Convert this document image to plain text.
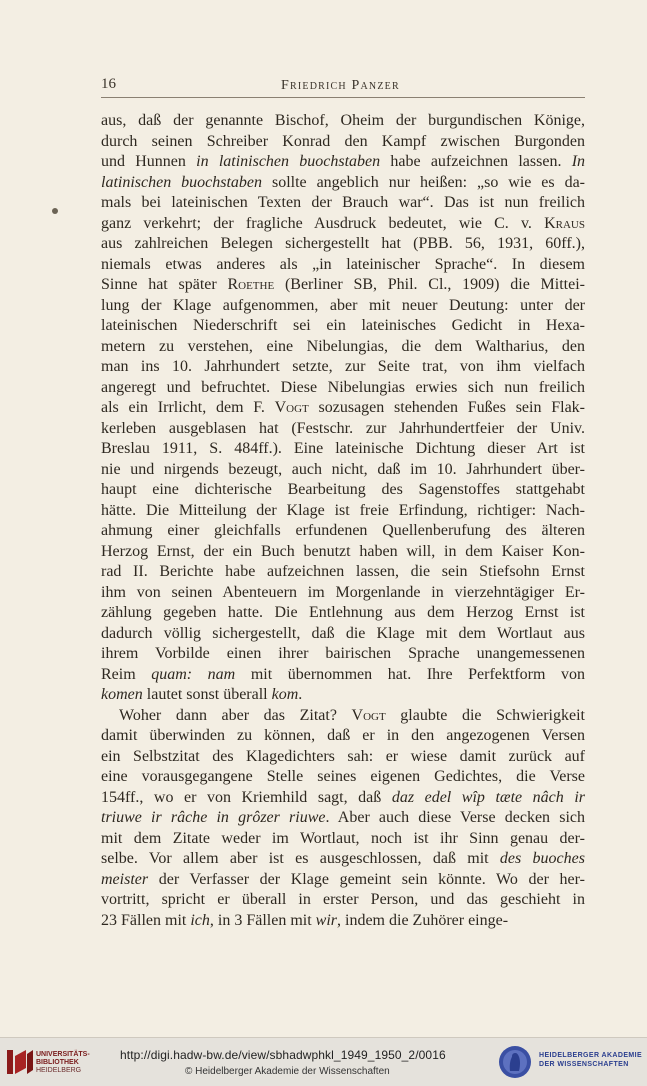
16	Friedrich Panzer
aus, daß der genannte Bischof, Oheim der burgundischen Könige,
durch seinen Schreiber Konrad den Kampf zwischen Burgonden
und Hunnen in latinischen buochstaben habe aufzeichnen lassen. In
latinischen buochstaben sollte angeblich nur heißen: „so wie es da-
mals bei lateinischen Texten der Brauch war“. Das ist nun freilich
ganz verkehrt; der fragliche Ausdruck bedeutet, wie C. v. Kraus
aus zahlreichen Belegen sichergestellt hat (PBB. 56, 1931, 60ff.),
niemals etwas anderes als „in lateinischer Sprache“. In diesem
Sinne hat später Roethe (Berliner SB, Phil. Cl., 1909) die Mittei-
lung der Klage aufgenommen, aber mit neuer Deutung: unter der
lateinischen Niederschrift sei ein lateinisches Gedicht in Hexa-
metern zu verstehen, eine Nibelungias, die dem Waltharius, den
man ins 10. Jahrhundert setzte, zur Seite trat, von ihm vielfach
angeregt und befruchtet. Diese Nibelungias erwies sich nun freilich
als ein Irrlicht, dem F. Vogt sozusagen stehenden Fußes sein Flak-
kerleben ausgeblasen hat (Festschr. zur Jahrhundertfeier der Univ.
Breslau 1911, S. 484ff.). Eine lateinische Dichtung dieser Art ist
nie und nirgends bezeugt, auch nicht, daß im 10. Jahrhundert über-
haupt eine dichterische Bearbeitung des Sagenstoffes stattgehabt
hätte. Die Mitteilung der Klage ist freie Erfindung, richtiger: Nach-
ahmung einer gleichfalls erfundenen Quellenberufung des älteren
Herzog Ernst, der ein Buch benutzt haben will, in dem Kaiser Kon-
rad II. Berichte habe aufzeichnen lassen, die sein Stiefsohn Ernst
ihm von seinen Abenteuern im Morgenlande in vierzehntägiger Er-
zählung gegeben hatte. Die Entlehnung aus dem Herzog Ernst ist
dadurch völlig sichergestellt, daß die Klage mit dem Wortlaut aus
ihrem Vorbilde einen ihrer bairischen Sprache unangemessenen
Reim quam: nam mit übernommen hat. Ihre Perfektform von
komen lautet sonst überall kom.
Woher dann aber das Zitat? Vogt glaubte die Schwierigkeit
damit überwinden zu können, daß er in den angezogenen Versen
ein Selbstzitat des Klagedichters sah: er wiese damit zurück auf
eine vorausgegangene Stelle seines eigenen Gedichtes, die Verse
154ff., wo er von Kriemhild sagt, daß daz edel wîp tæte nâch ir
triuwe ir râche in grôzer riuwe. Aber auch diese Verse decken sich
mit dem Zitate weder im Wortlaut, noch ist ihr Sinn genau der-
selbe. Vor allem aber ist es ausgeschlossen, daß mit des buoches
meister der Verfasser der Klage gemeint sein könnte. Wo der her-
vortritt, spricht er überall in erster Person, und das geschieht in
23 Fällen mit ich, in 3 Fällen mit wir, indem die Zuhörer einge-
UNIVERSITÄTS-
BIBLIOTHEK
HEIDELBERG
http://digi.hadw-bw.de/view/sbhadwphkl_1949_1950_2/0016
© Heidelberger Akademie der Wissenschaften
HEIDELBERGER AKADEMIE
DER WISSENSCHAFTEN
